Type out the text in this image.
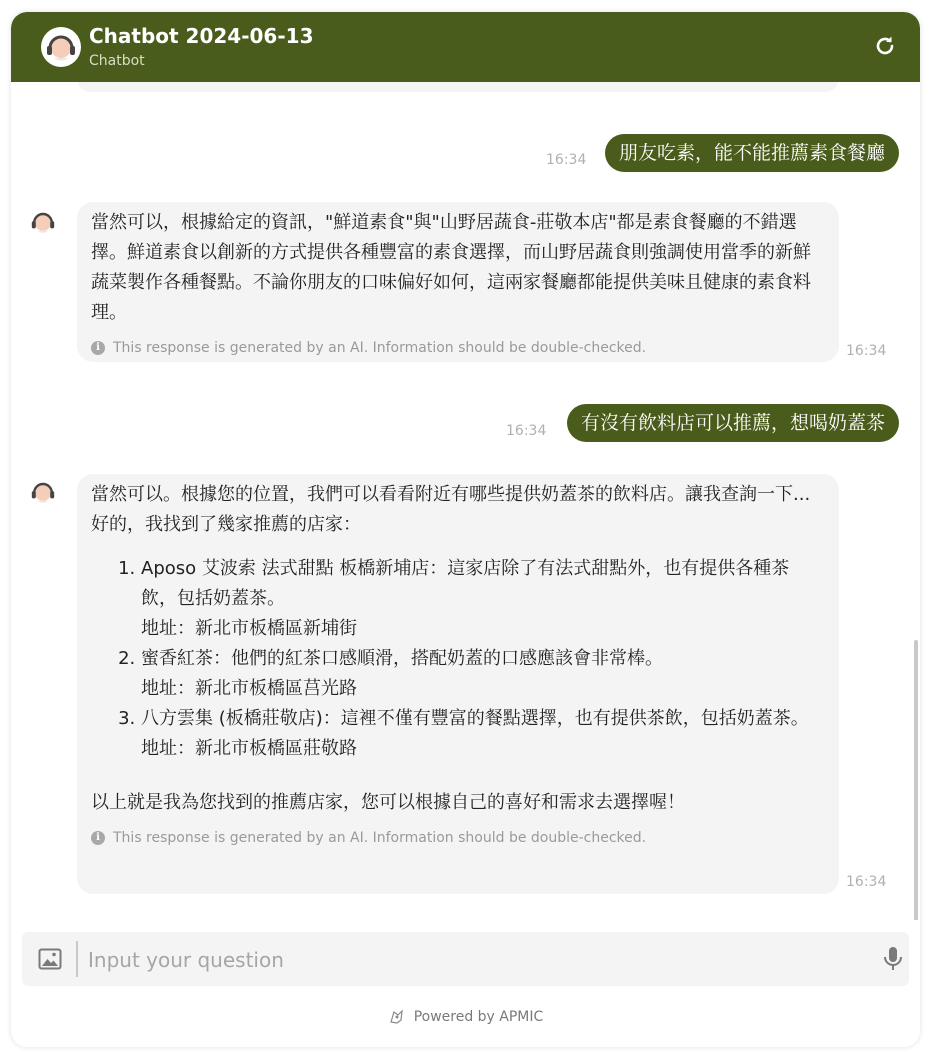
Chatbot 2024-06-13
Chatbot
16:34	朋友吃素，能不能推薦素食餐廳

當然可以，根據給定的資訊，"鮮道素食"與"山野居蔬食-莊敬本店"都是素食餐廳的不錯選擇。鮮道素食以創新的方式提供各種豐富的素食選擇，而山野居蔬食則強調使用當季的新鮮蔬菜製作各種餐點。不論你朋友的口味偏好如何，這兩家餐廳都能提供美味且健康的素食料理。

i This response is generated by an AI. Information should be double-checked.	16:34
16:34	有沒有飲料店可以推薦，想喝奶蓋茶

當然可以。根據您的位置，我們可以看看附近有哪些提供奶蓋茶的飲料店。讓我查詢一下...好的，我找到了幾家推薦的店家：

1. Aposo 艾波索 法式甜點 板橋新埔店：這家店除了有法式甜點外，也有提供各種茶飲，包括奶蓋茶。
地址：新北市板橋區新埔街
2. 蜜香紅茶：他們的紅茶口感順滑，搭配奶蓋的口感應該會非常棒。
地址：新北市板橋區莒光路
3. 八方雲集 (板橋莊敬店)：這裡不僅有豐富的餐點選擇，也有提供茶飲，包括奶蓋茶。
地址：新北市板橋區莊敬路

以上就是我為您找到的推薦店家，您可以根據自己的喜好和需求去選擇喔！

i This response is generated by an AI. Information should be double-checked.
16:34
Input your question
Powered by APMIC
